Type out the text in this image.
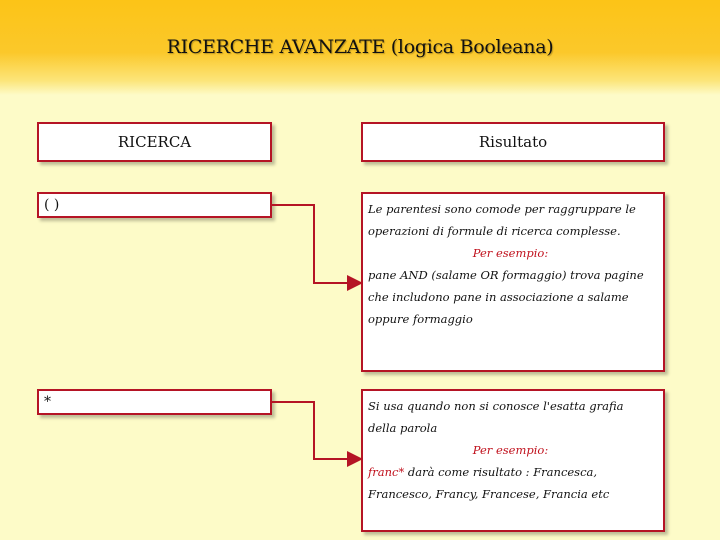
RICERCHE AVANZATE (logica Booleana)
RICERCA	Risultato
( )	Le parentesi sono comode per raggruppare le operazioni di formule di ricerca complesse.

Per esempio:

pane AND (salame OR formaggio) trova pagine che includono pane in associazione a salame oppure formaggio

*	Si usa quando non si conosce l'esatta grafia della parola

Per esempio:

franc* darà come risultato : Francesca, Francesco, Francy, Francese, Francia etc
